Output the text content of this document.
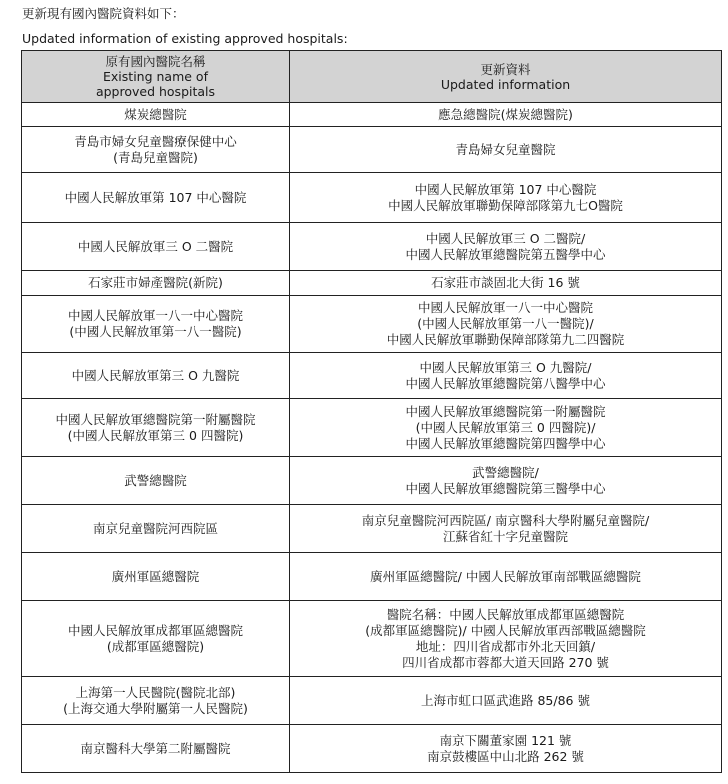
更新現有國內醫院資料如下：
Updated information of existing approved hospitals:
原有國內醫院名稱
Existing name of
approved hospitals	更新資料
Updated information

煤炭總醫院	應急總醫院(煤炭總醫院)

青島市婦女兒童醫療保健中心
(青島兒童醫院)	青島婦女兒童醫院

中國人民解放軍第 107 中心醫院	中國人民解放軍第 107 中心醫院
中國人民解放軍聯勤保障部隊第九七O醫院

中國人民解放軍三 O 二醫院	中國人民解放軍三 O 二醫院/
中國人民解放軍總醫院第五醫學中心

石家莊市婦產醫院(新院)	石家莊市談固北大街 16 號

中國人民解放軍一八一中心醫院
(中國人民解放軍第一八一醫院)	中國人民解放軍一八一中心醫院
(中國人民解放軍第一八一醫院)/
中國人民解放軍聯勤保障部隊第九二四醫院

中國人民解放軍第三 O 九醫院	中國人民解放軍第三 O 九醫院/
中國人民解放軍總醫院第八醫學中心

中國人民解放軍總醫院第一附屬醫院
(中國人民解放軍第三 0 四醫院)	中國人民解放軍總醫院第一附屬醫院
(中國人民解放軍第三 0 四醫院)/
中國人民解放軍總醫院第四醫學中心

武警總醫院	武警總醫院/
中國人民解放軍總醫院第三醫學中心

南京兒童醫院河西院區	南京兒童醫院河西院區/ 南京醫科大學附屬兒童醫院/
江蘇省紅十字兒童醫院

廣州軍區總醫院	廣州軍區總醫院/ 中國人民解放軍南部戰區總醫院

中國人民解放軍成都軍區總醫院
(成都軍區總醫院)	醫院名稱：中國人民解放軍成都軍區總醫院
(成都軍區總醫院)/ 中國人民解放軍西部戰區總醫院
地址：四川省成都市外北天回鎮/
四川省成都市蓉都大道天回路 270 號

上海第一人民醫院(醫院北部)
(上海交通大學附屬第一人民醫院)	上海市虹口區武進路 85/86 號

南京醫科大學第二附屬醫院	南京下關董家園 121 號
南京鼓樓區中山北路 262 號
